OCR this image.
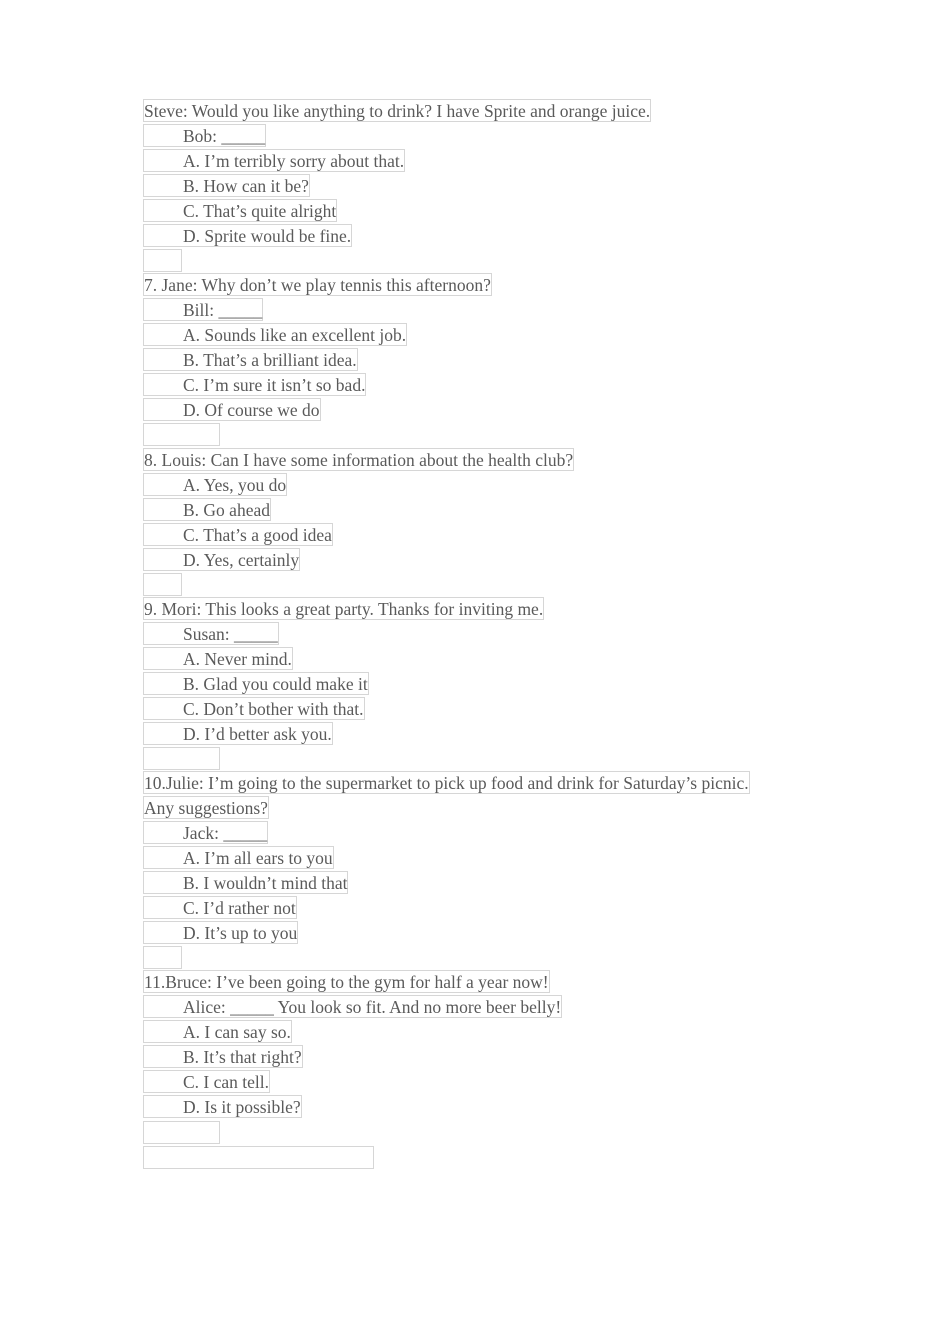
Steve: Would you like anything to drink? I have Sprite and orange juice.
Bob: _____
A. I’m terribly sorry about that.
B. How can it be?
C. That’s quite alright
D. Sprite would be fine.
7. Jane: Why don’t we play tennis this afternoon?
Bill: _____
A. Sounds like an excellent job.
B. That’s a brilliant idea.
C. I’m sure it isn’t so bad.
D. Of course we do
8. Louis: Can I have some information about the health club?
A. Yes, you do
B. Go ahead
C. That’s a good idea
D. Yes, certainly
9. Mori: This looks a great party. Thanks for inviting me.
Susan: _____
A. Never mind.
B. Glad you could make it
C. Don’t bother with that.
D. I’d better ask you.
10.Julie: I’m going to the supermarket to pick up food and drink for Saturday’s picnic.
Any suggestions?
Jack: _____
A. I’m all ears to you
B. I wouldn’t mind that
C. I’d rather not
D. It’s up to you
11.Bruce: I’ve been going to the gym for half a year now!
Alice: _____ You look so fit. And no more beer belly!
A. I can say so.
B. It’s that right?
C. I can tell.
D. Is it possible?
